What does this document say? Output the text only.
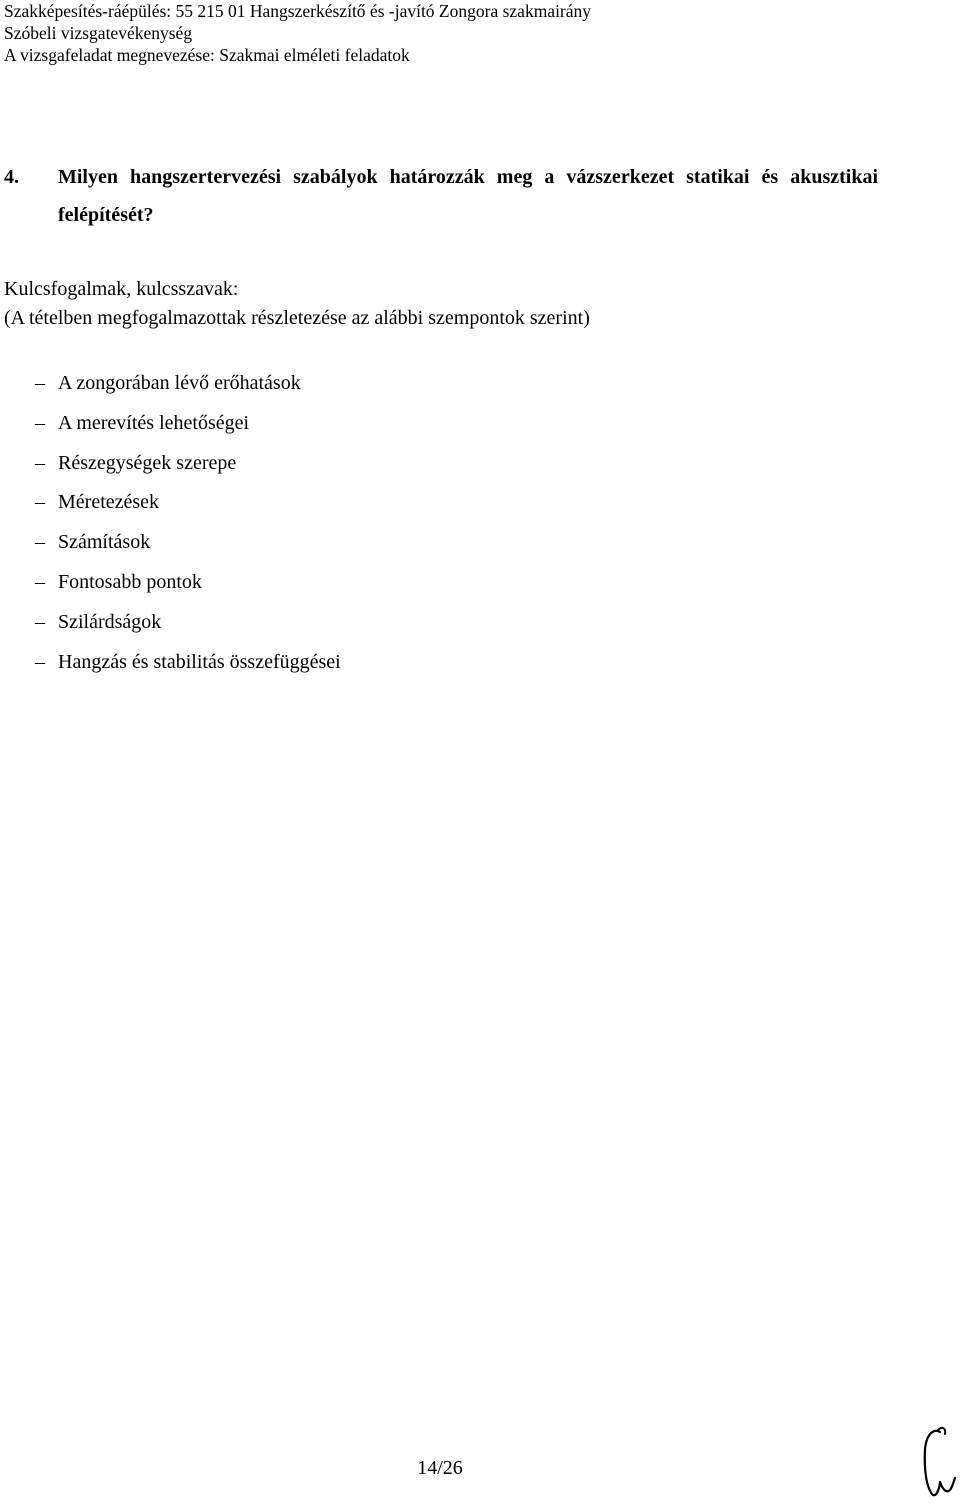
Szakképesítés-ráépülés: 55 215 01 Hangszerkészítő és -javító Zongora szakmairány
Szóbeli vizsgatevékenység
A vizsgafeladat megnevezése: Szakmai elméleti feladatok
4.	Milyen hangszertervezési szabályok határozzák meg a vázszerkezet statikai és akusztikai felépítését?
Kulcsfogalmak, kulcsszavak:
(A tételben megfogalmazottak részletezése az alábbi szempontok szerint)
– A zongorában lévő erőhatások
– A merevítés lehetőségei
– Részegységek szerepe
– Méretezések
– Számítások
– Fontosabb pontok
– Szilárdságok
– Hangzás és stabilitás összefüggései
14/26
